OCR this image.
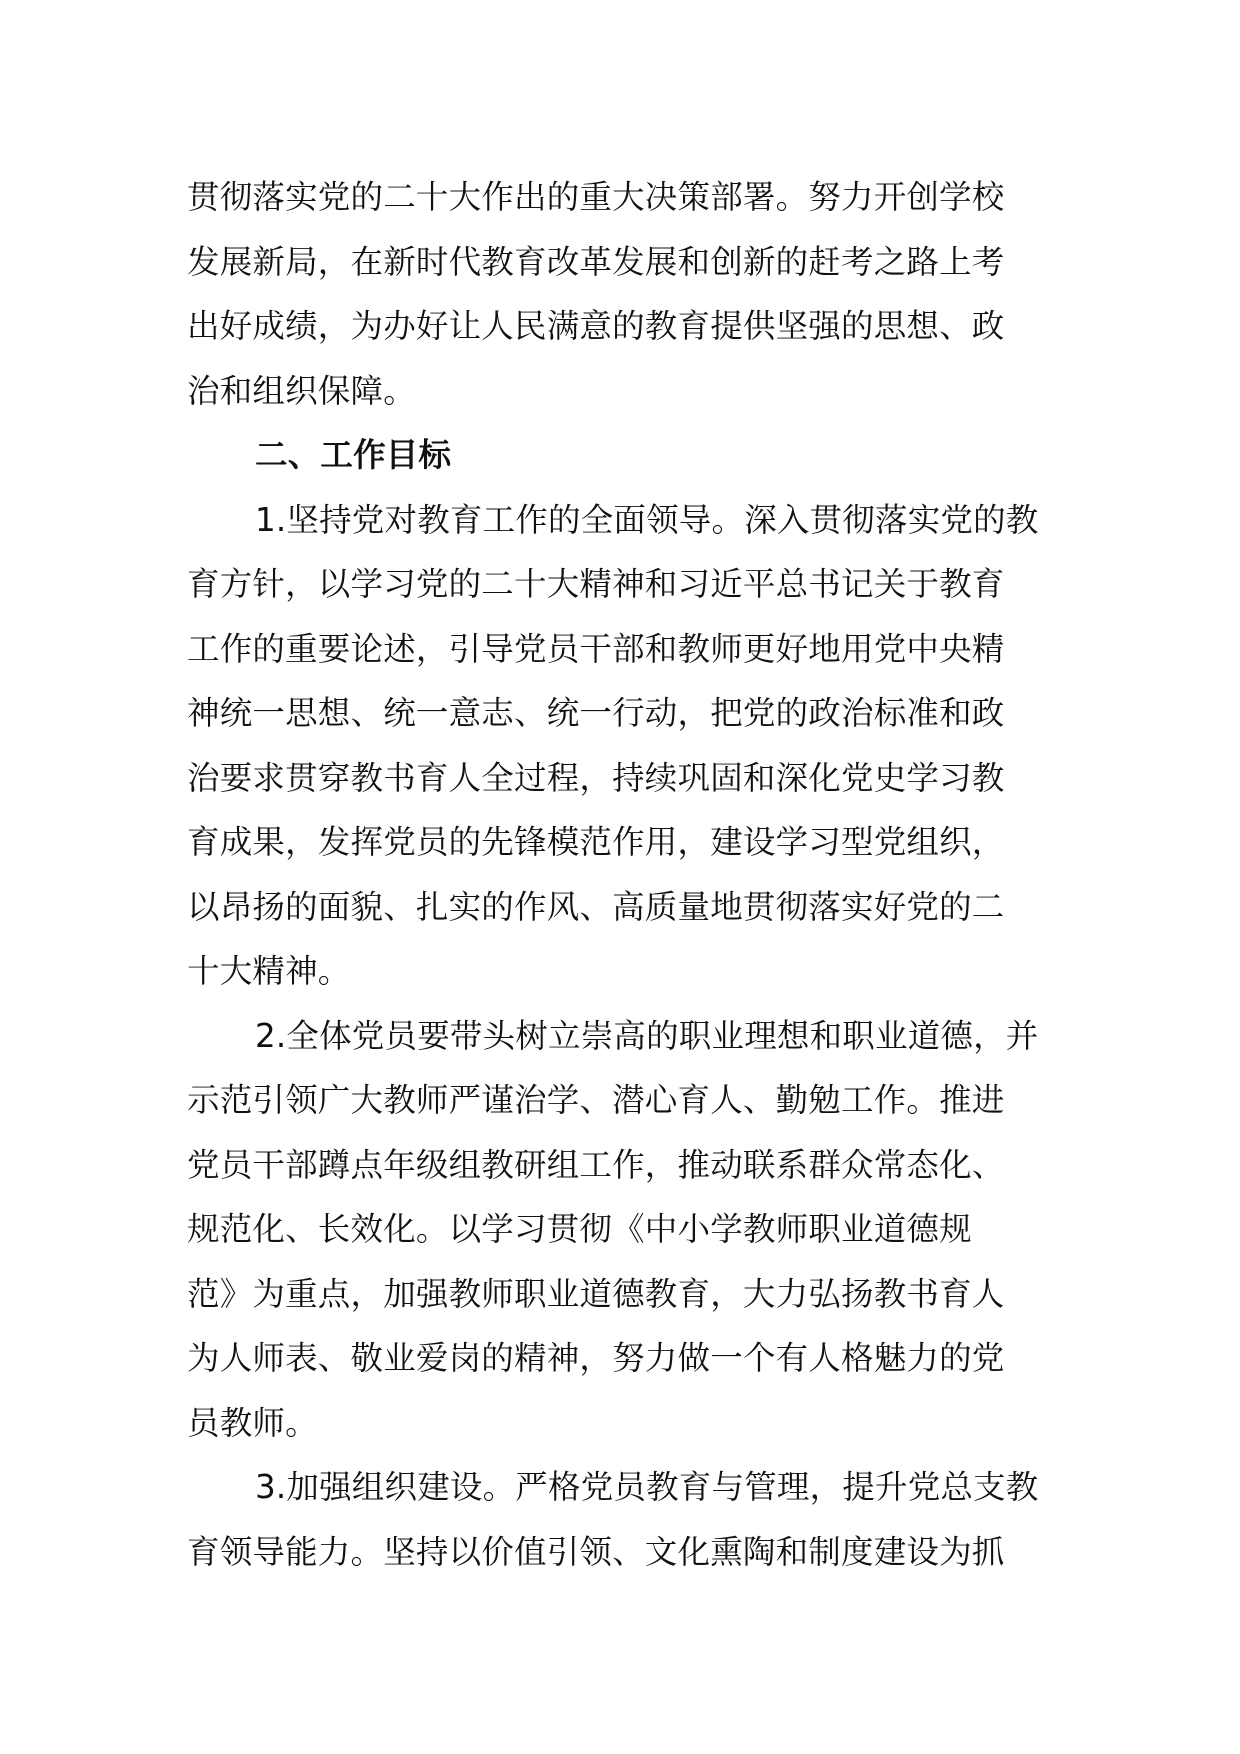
贯彻落实党的二十大作出的重大决策部署。努力开创学校
发展新局，在新时代教育改革发展和创新的赶考之路上考
出好成绩，为办好让人民满意的教育提供坚强的思想、政
治和组织保障。
二、工作目标
1.坚持党对教育工作的全面领导。深入贯彻落实党的教
育方针，以学习党的二十大精神和习近平总书记关于教育
工作的重要论述，引导党员干部和教师更好地用党中央精
神统一思想、统一意志、统一行动，把党的政治标准和政
治要求贯穿教书育人全过程，持续巩固和深化党史学习教
育成果，发挥党员的先锋模范作用，建设学习型党组织，
以昂扬的面貌、扎实的作风、高质量地贯彻落实好党的二
十大精神。
2.全体党员要带头树立崇高的职业理想和职业道德，并
示范引领广大教师严谨治学、潜心育人、勤勉工作。推进
党员干部蹲点年级组教研组工作，推动联系群众常态化、
规范化、长效化。以学习贯彻《中小学教师职业道德规
范》为重点，加强教师职业道德教育，大力弘扬教书育人
为人师表、敬业爱岗的精神，努力做一个有人格魅力的党
员教师。
3.加强组织建设。严格党员教育与管理，提升党总支教
育领导能力。坚持以价值引领、文化熏陶和制度建设为抓
